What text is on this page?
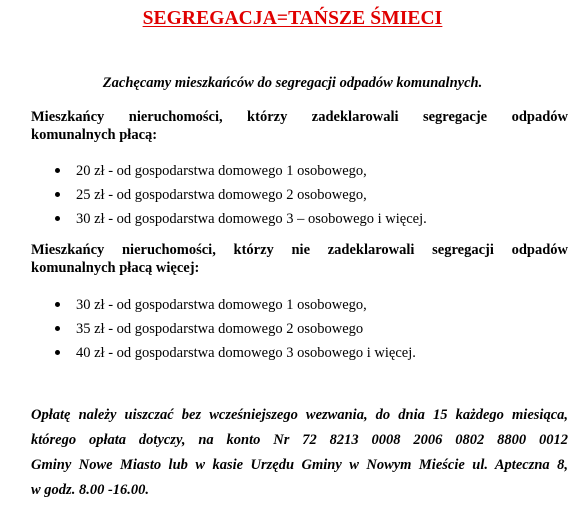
SEGREGACJA=TAŃSZE ŚMIECI
Zachęcamy mieszkańców do segregacji odpadów komunalnych.
Mieszkańcy nieruchomości, którzy zadeklarowali segregacje odpadów
komunalnych płacą:
20 zł - od gospodarstwa domowego 1 osobowego,
25 zł - od gospodarstwa domowego 2 osobowego,
30 zł - od gospodarstwa domowego 3 – osobowego i więcej.
Mieszkańcy nieruchomości, którzy nie zadeklarowali segregacji odpadów
komunalnych płacą więcej:
30 zł - od gospodarstwa domowego 1 osobowego,
35 zł - od gospodarstwa domowego 2 osobowego
40 zł - od gospodarstwa domowego 3 osobowego i więcej.
Opłatę należy uiszczać bez wcześniejszego wezwania, do dnia 15 każdego miesiąca,
którego opłata dotyczy, na konto Nr 72 8213 0008 2006 0802 8800 0012
Gminy Nowe Miasto lub w kasie Urzędu Gminy w Nowym Mieście ul. Apteczna 8,
w godz. 8.00 -16.00.
